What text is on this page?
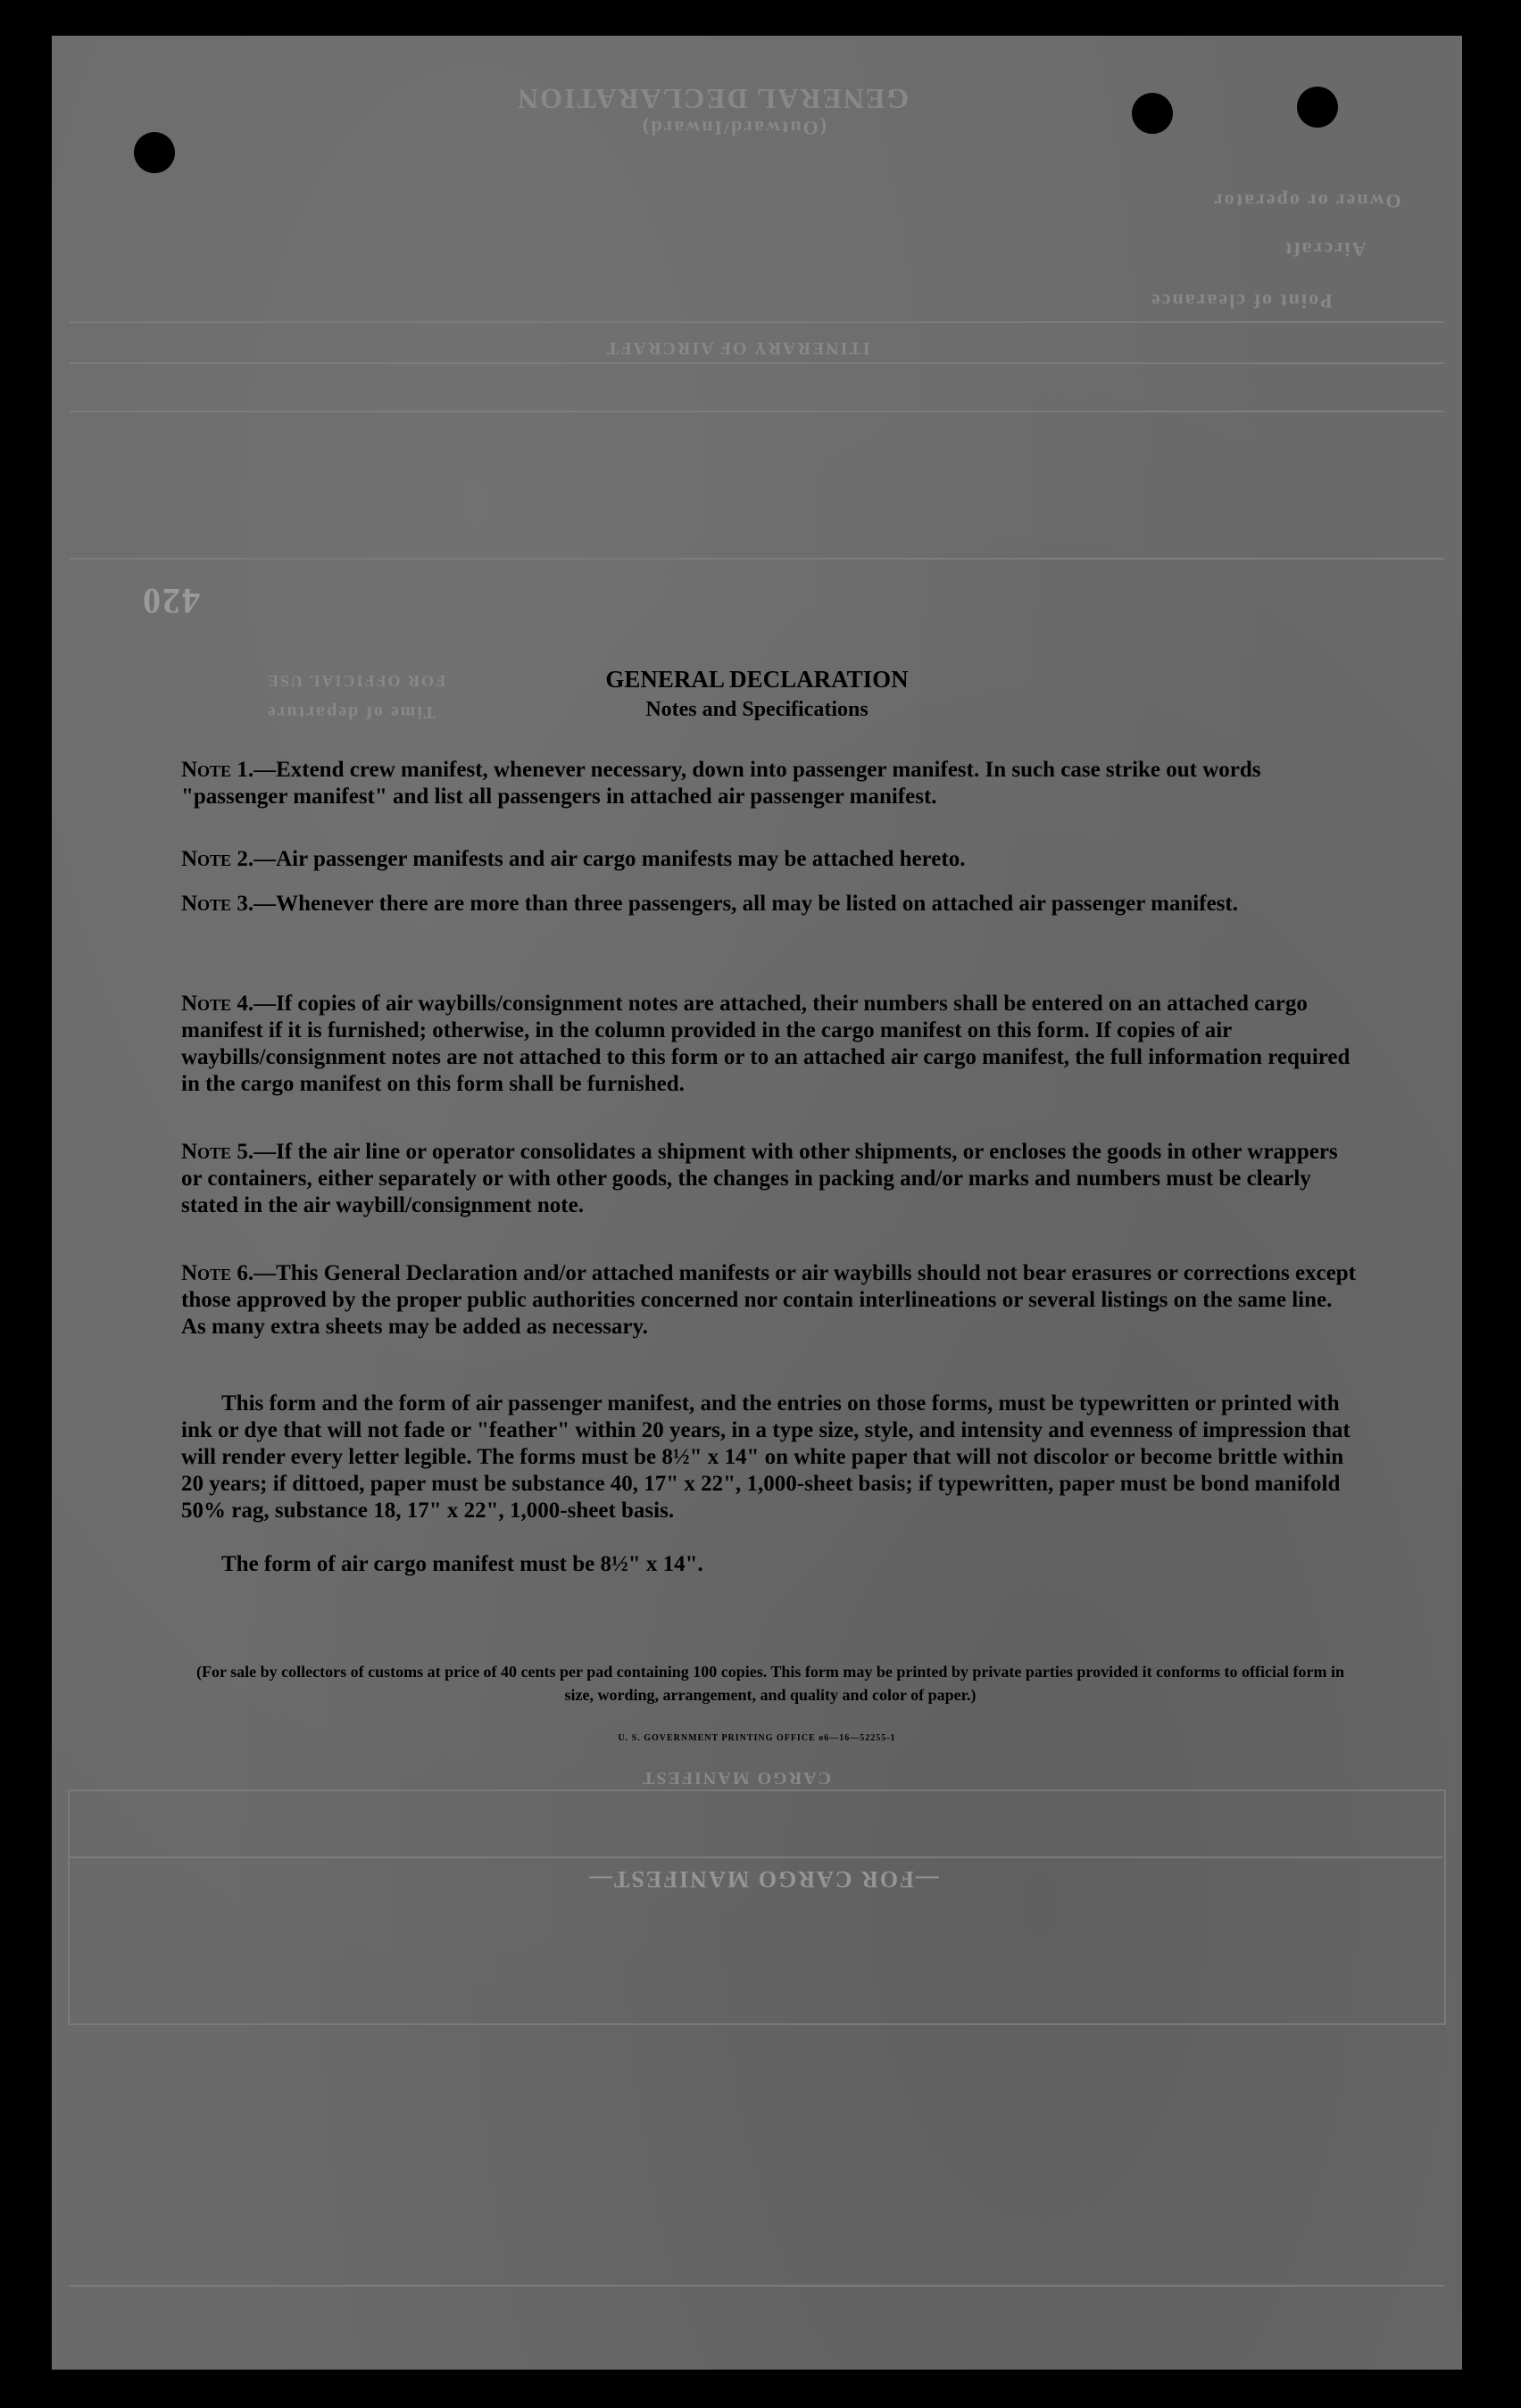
GENERAL DECLARATION
(Outward/Inward)
Owner or operator
Aircraft
Point of clearance
ITINERARY OF AIRCRAFT
420
FOR OFFICIAL USE
Time of departure
CARGO MANIFEST
—FOR CARGO MANIFEST—
GENERAL DECLARATION
Notes and Specifications
Note 1.—Extend crew manifest, whenever necessary, down into passenger manifest. In such case strike out words "passenger manifest" and list all passengers in attached air passenger manifest.
Note 2.—Air passenger manifests and air cargo manifests may be attached hereto.
Note 3.—Whenever there are more than three passengers, all may be listed on attached air passenger manifest.
Note 4.—If copies of air waybills/consignment notes are attached, their numbers shall be entered on an attached cargo manifest if it is furnished; otherwise, in the column provided in the cargo manifest on this form. If copies of air waybills/consignment notes are not attached to this form or to an attached air cargo manifest, the full information required in the cargo manifest on this form shall be furnished.
Note 5.—If the air line or operator consolidates a shipment with other shipments, or encloses the goods in other wrappers or containers, either separately or with other goods, the changes in packing and/or marks and numbers must be clearly stated in the air waybill/consignment note.
Note 6.—This General Declaration and/or attached manifests or air waybills should not bear erasures or corrections except those approved by the proper public authorities concerned nor contain interlineations or several listings on the same line. As many extra sheets may be added as necessary.
This form and the form of air passenger manifest, and the entries on those forms, must be typewritten or printed with ink or dye that will not fade or "feather" within 20 years, in a type size, style, and intensity and evenness of impression that will render every letter legible. The forms must be 8½" x 14" on white paper that will not discolor or become brittle within 20 years; if dittoed, paper must be substance 40, 17" x 22", 1,000-sheet basis; if typewritten, paper must be bond manifold 50% rag, substance 18, 17" x 22", 1,000-sheet basis.
The form of air cargo manifest must be 8½" x 14".
(For sale by collectors of customs at price of 40 cents per pad containing 100 copies. This form may be printed by private parties provided it conforms to official form in size, wording, arrangement, and quality and color of paper.)
U. S. GOVERNMENT PRINTING OFFICE o6—16—52255-1
